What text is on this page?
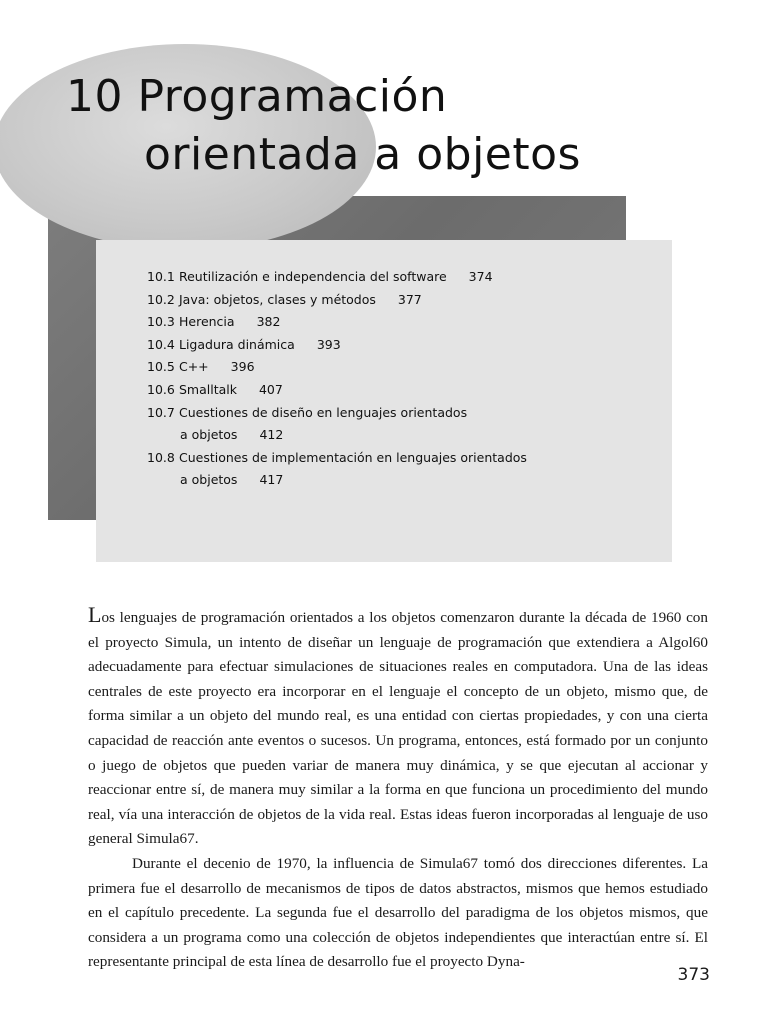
10 Programación
orientada a objetos
10.1 Reutilización e independencia del software 374
10.2 Java: objetos, clases y métodos 377
10.3 Herencia 382
10.4 Ligadura dinámica 393
10.5 C++ 396
10.6 Smalltalk 407
10.7 Cuestiones de diseño en lenguajes orientados
a objetos 412
10.8 Cuestiones de implementación en lenguajes orientados
a objetos 417

Los lenguajes de programación orientados a los objetos comenzaron durante la década de 1960 con el proyecto Simula, un intento de diseñar un lenguaje de programación que extendiera a Algol60 adecuadamente para efectuar simulaciones de situaciones reales en computadora. Una de las ideas centrales de este proyecto era incorporar en el lenguaje el concepto de un objeto, mismo que, de forma similar a un objeto del mundo real, es una entidad con ciertas propiedades, y con una cierta capacidad de reacción ante eventos o sucesos. Un programa, entonces, está formado por un conjunto o juego de objetos que pueden variar de manera muy dinámica, y se que ejecutan al accionar y reaccionar entre sí, de manera muy similar a la forma en que funciona un procedimiento del mundo real, vía una interacción de objetos de la vida real. Estas ideas fueron incorporadas al lenguaje de uso general Simula67.

Durante el decenio de 1970, la influencia de Simula67 tomó dos direcciones diferentes. La primera fue el desarrollo de mecanismos de tipos de datos abstractos, mismos que hemos estudiado en el capítulo precedente. La segunda fue el desarrollo del paradigma de los objetos mismos, que considera a un programa como una colección de objetos independientes que interactúan entre sí. El representante principal de esta línea de desarrollo fue el proyecto Dyna-

373
